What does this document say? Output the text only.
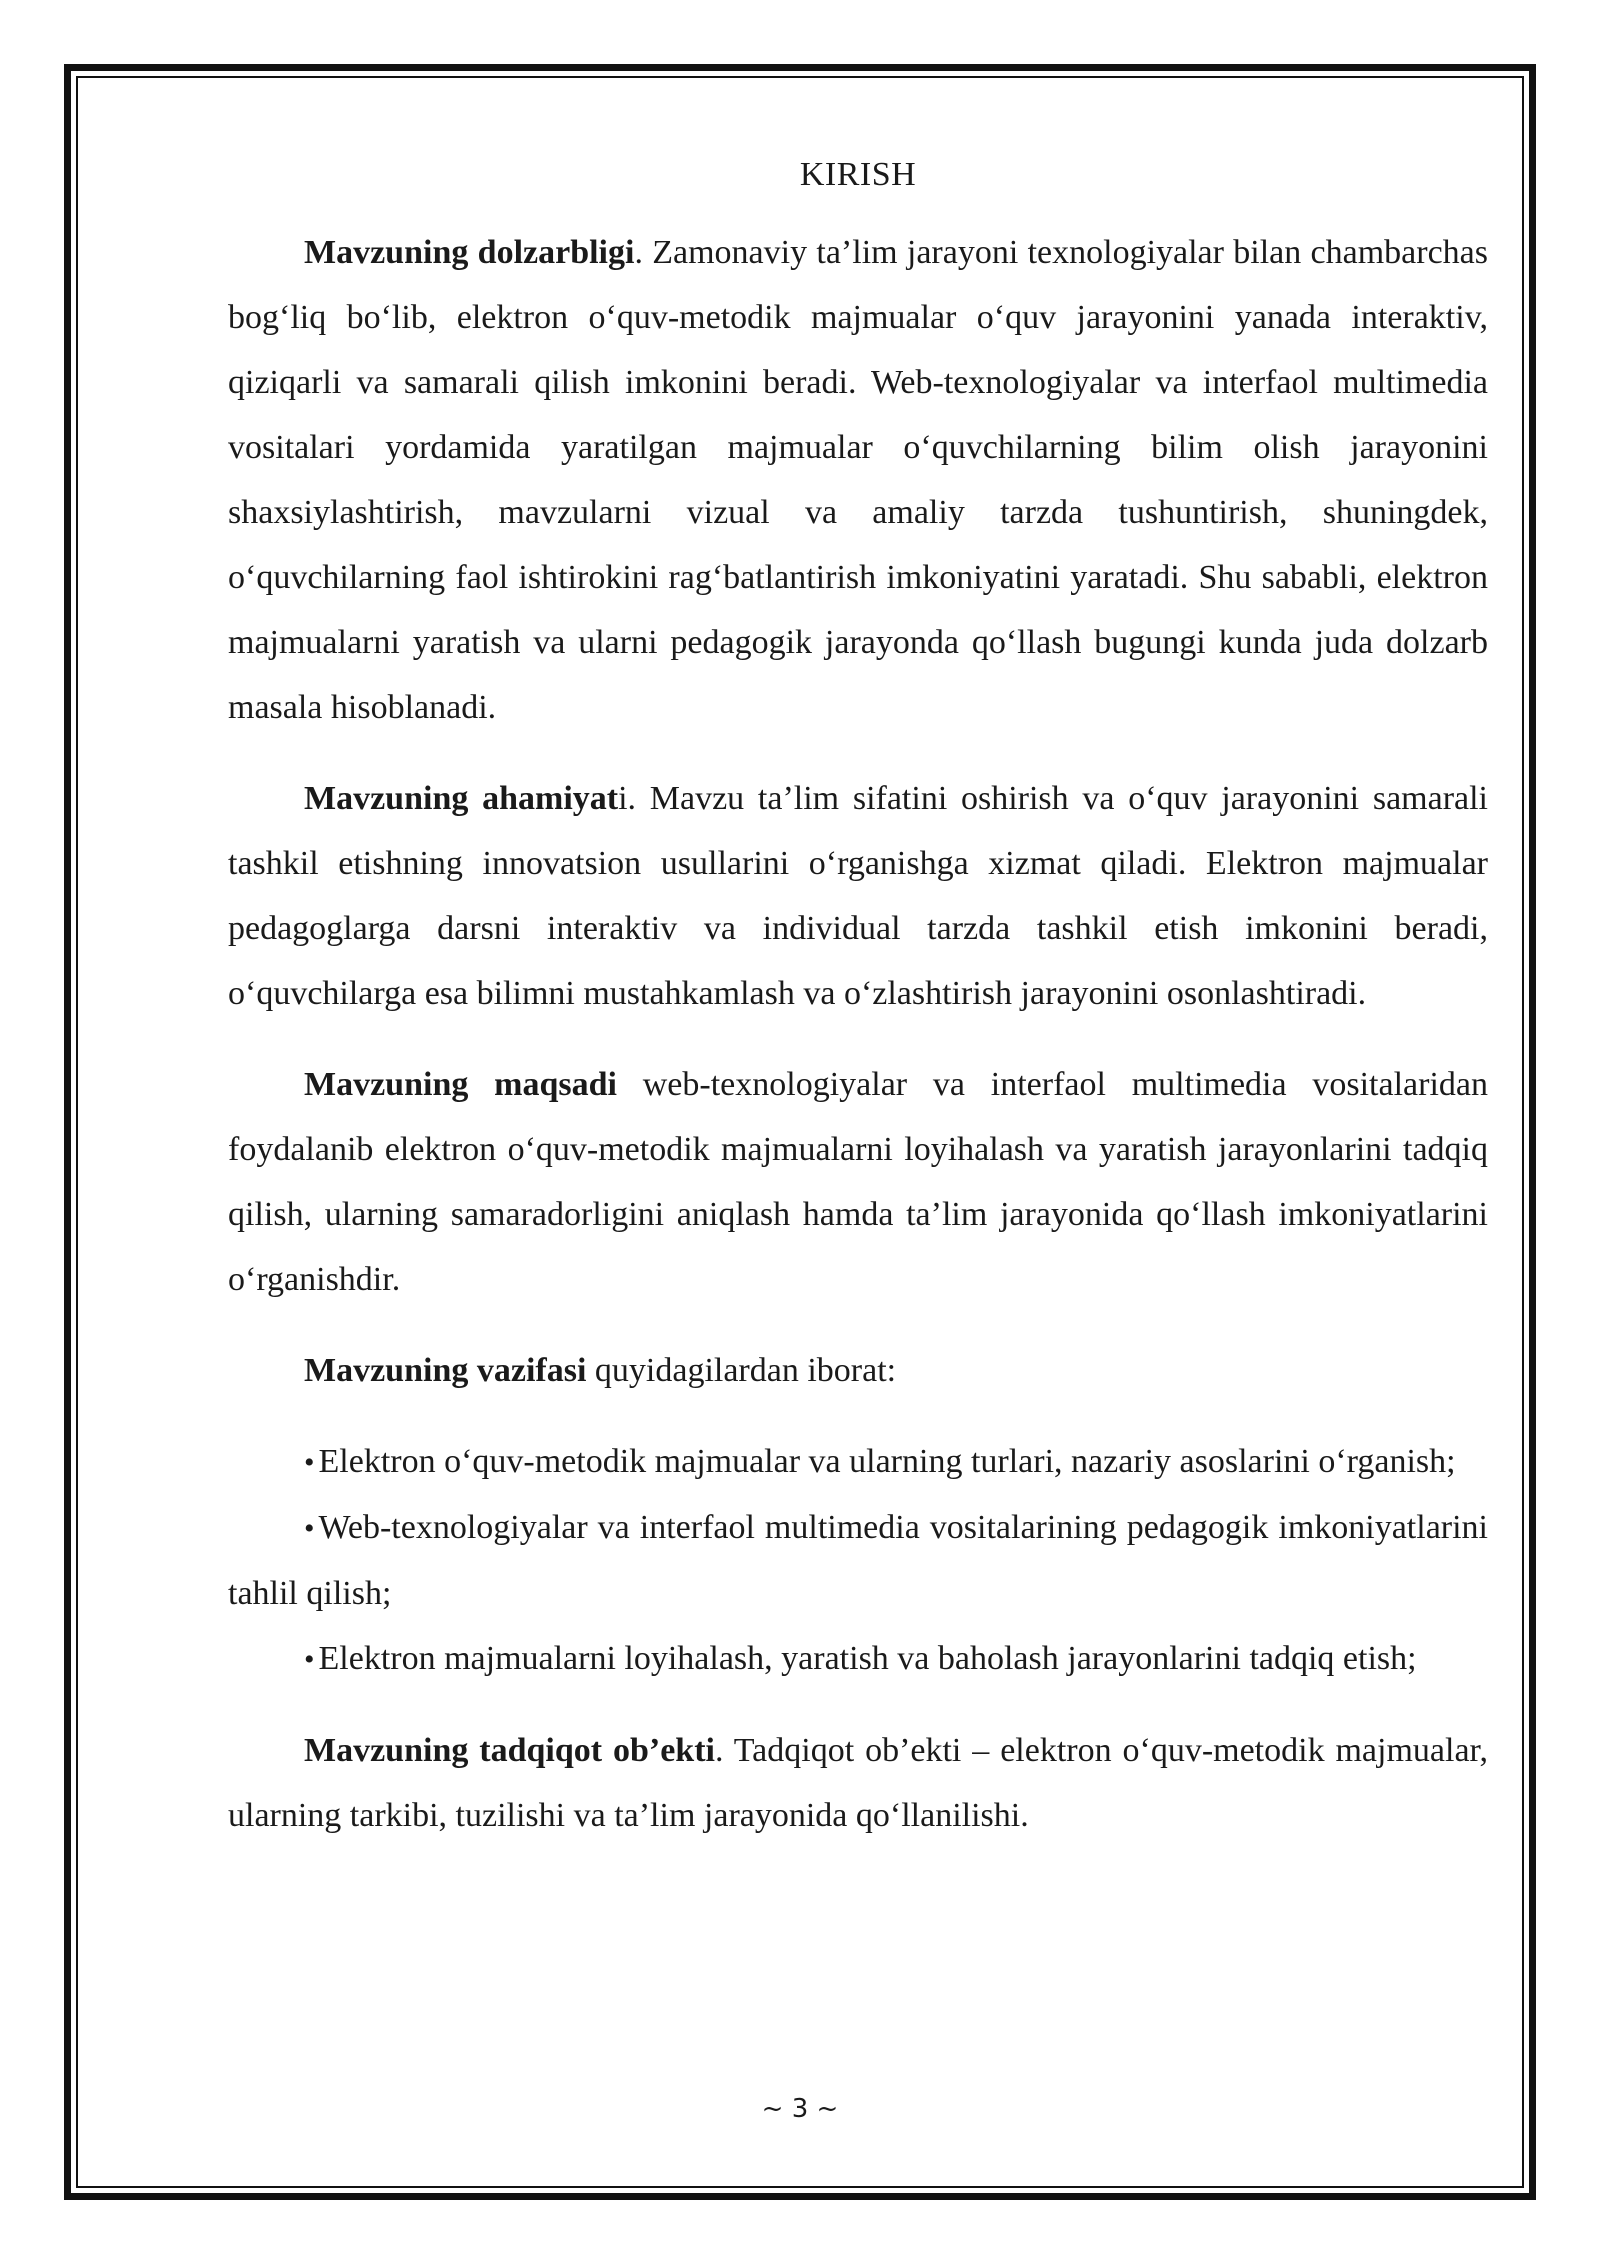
KIRISH

Mavzuning dolzarbligi. Zamonaviy ta’lim jarayoni texnologiyalar bilan chambarchas bog‘liq bo‘lib, elektron o‘quv-metodik majmualar o‘quv jarayonini yanada interaktiv, qiziqarli va samarali qilish imkonini beradi. Web-texnologiyalar va interfaol multimedia vositalari yordamida yaratilgan majmualar o‘quvchilarning bilim olish jarayonini shaxsiylashtirish, mavzularni vizual va amaliy tarzda tushuntirish, shuningdek, o‘quvchilarning faol ishtirokini rag‘batlantirish imkoniyatini yaratadi. Shu sababli, elektron majmualarni yaratish va ularni pedagogik jarayonda qo‘llash bugungi kunda juda dolzarb masala hisoblanadi.

Mavzuning ahamiyati. Mavzu ta’lim sifatini oshirish va o‘quv jarayonini samarali tashkil etishning innovatsion usullarini o‘rganishga xizmat qiladi. Elektron majmualar pedagoglarga darsni interaktiv va individual tarzda tashkil etish imkonini beradi, o‘quvchilarga esa bilimni mustahkamlash va o‘zlashtirish jarayonini osonlashtiradi.

Mavzuning maqsadi web-texnologiyalar va interfaol multimedia vositalaridan foydalanib elektron o‘quv-metodik majmualarni loyihalash va yaratish jarayonlarini tadqiq qilish, ularning samaradorligini aniqlash hamda ta’lim jarayonida qo‘llash imkoniyatlarini o‘rganishdir.

Mavzuning vazifasi quyidagilardan iborat:

• Elektron o‘quv-metodik majmualar va ularning turlari, nazariy asoslarini o‘rganish;
• Web-texnologiyalar va interfaol multimedia vositalarining pedagogik imkoniyatlarini tahlil qilish;
• Elektron majmualarni loyihalash, yaratish va baholash jarayonlarini tadqiq etish;

Mavzuning tadqiqot ob’ekti. Tadqiqot ob’ekti – elektron o‘quv-metodik majmualar, ularning tarkibi, tuzilishi va ta’lim jarayonida qo‘llanilishi.

~ 3 ~
